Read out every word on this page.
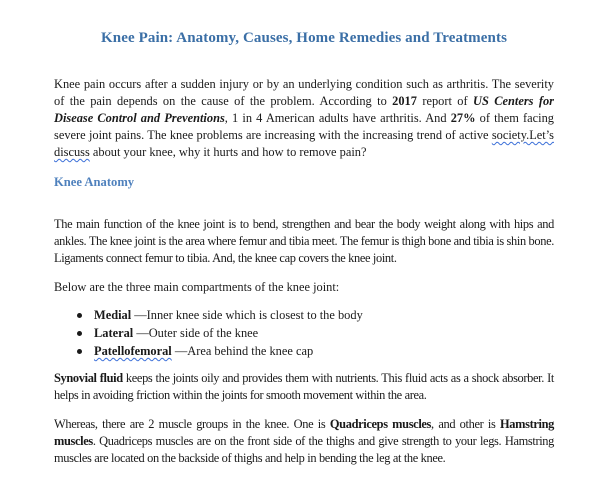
Knee Pain: Anatomy, Causes, Home Remedies and Treatments

Knee pain occurs after a sudden injury or by an underlying condition such as arthritis. The severity of the pain depends on the cause of the problem. According to 2017 report of US Centers for Disease Control and Preventions, 1 in 4 American adults have arthritis. And 27% of them facing severe joint pains. The knee problems are increasing with the increasing trend of active society.Let’s discuss about your knee, why it hurts and how to remove pain?

Knee Anatomy

The main function of the knee joint is to bend, strengthen and bear the body weight along with hips and ankles. The knee joint is the area where femur and tibia meet. The femur is thigh bone and tibia is shin bone. Ligaments connect femur to tibia. And, the knee cap covers the knee joint.

Below are the three main compartments of the knee joint:

Medial —Inner knee side which is closest to the body
Lateral —Outer side of the knee
Patellofemoral —Area behind the knee cap

Synovial fluid keeps the joints oily and provides them with nutrients. This fluid acts as a shock absorber. It helps in avoiding friction within the joints for smooth movement within the area.

Whereas, there are 2 muscle groups in the knee. One is Quadriceps muscles, and other is Hamstring muscles. Quadriceps muscles are on the front side of the thighs and give strength to your legs. Hamstring muscles are located on the backside of thighs and help in bending the leg at the knee.
